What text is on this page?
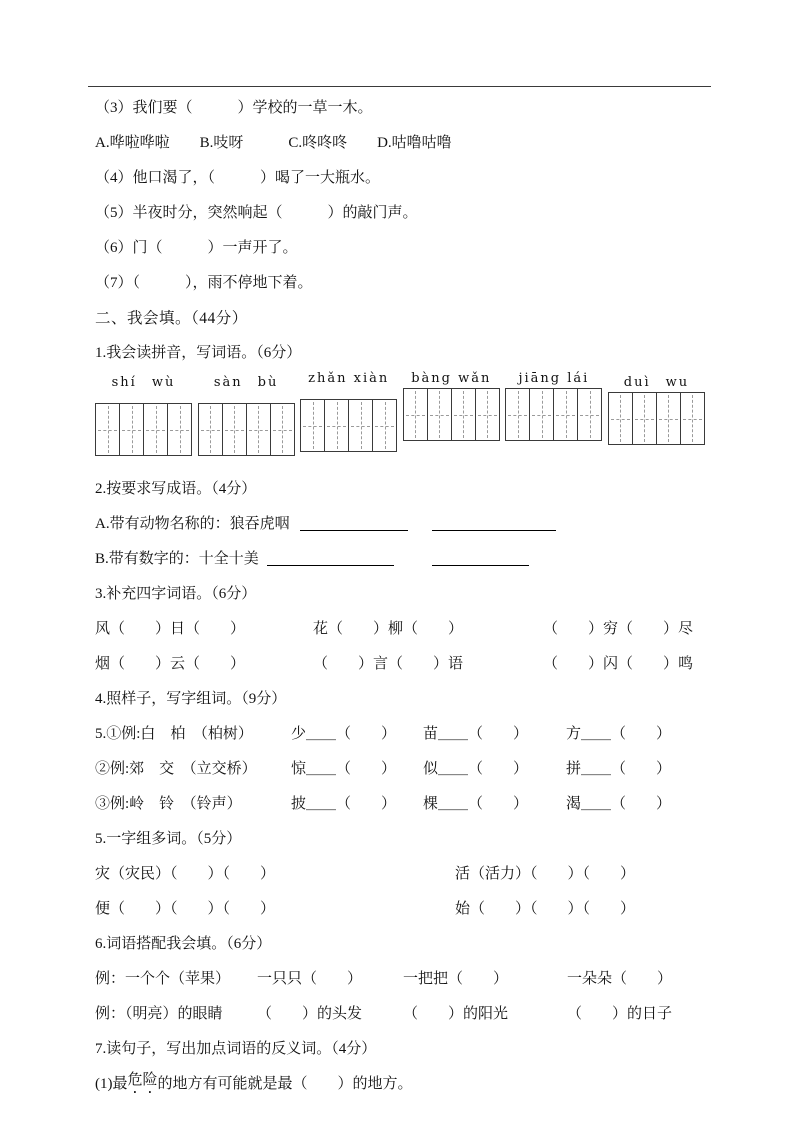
（3）我们要（　　　）学校的一草一木。
A.哗啦哗啦　　B.吱呀　　　C.咚咚咚　　D.咕噜咕噜
（4）他口渴了，（　　　）喝了一大瓶水。
（5）半夜时分，突然响起（　　　）的敲门声。
（6）门（　　　）一声开了。
（7）（　　　），雨不停地下着。
二、我会填。（44分）
1.我会读拼音，写词语。（6分）
shí　wù	sàn　bù zhǎn xiàn bàng wǎn jiāng lái	duì　wu
2.按要求写成语。（4分）
A.带有动物名称的：狼吞虎咽
B.带有数字的：十全十美
3.补充四字词语。（6分）
风（　　）日（　　）	花（　　）柳（　　）	（　　）穷（　　）尽
烟（　　）云（　　）	（　　）言（　　）语	（　　）闪（　　）鸣
4.照样子，写字组词。（9分）
5.①例:白　柏　（柏树）	少＿＿（　　）	苗＿＿（　　）	方＿＿（　　）
②例:郊　交　（立交桥）	惊＿＿（　　）	似＿＿（　　）	拼＿＿（　　）
③例:岭　铃　（铃声）	披＿＿（　　）	棵＿＿（　　）	渴＿＿（　　）
5.一字组多词。（5分）
灾（灾民）（　　）（　　）	活（活力）（　　）（　　）
便（　　）（　　）（　　）	始（　　）（　　）（　　）
6.词语搭配我会填。（6分）
例：一个个（苹果）	一只只（　　）	一把把（　　）	一朵朵（　　）
例：（明亮）的眼睛	（　　）的头发	（　　）的阳光	（　　）的日子
7.读句子，写出加点词语的反义词。（4分）
(1)最 危险 的地方有可能就是最（　　）的地方。
